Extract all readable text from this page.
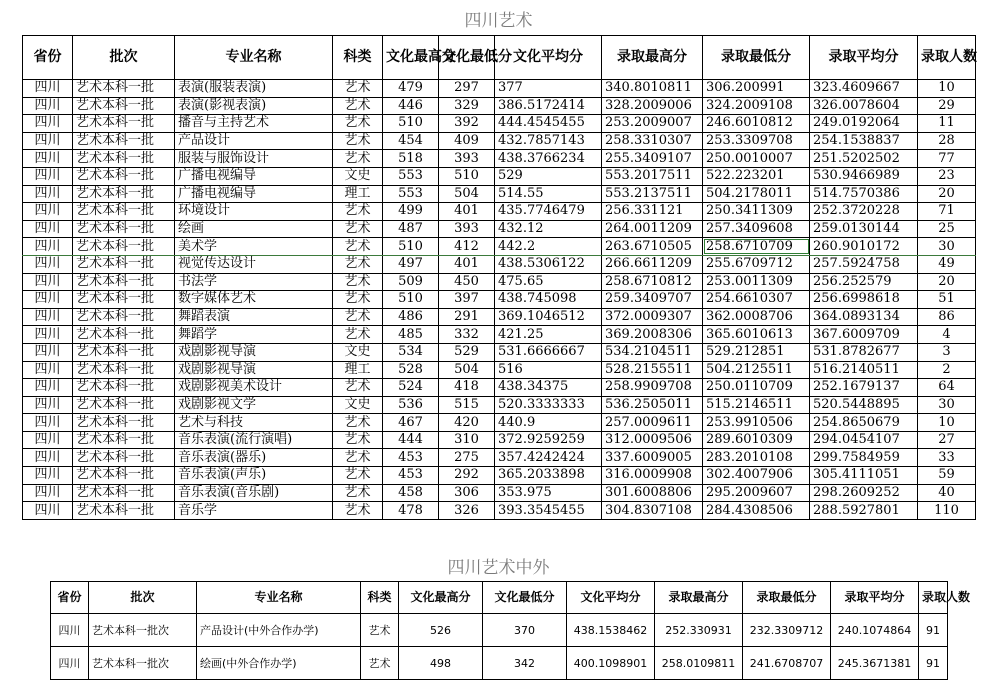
四川艺术
省份	批次	专业名称	科类	文化最高分	文化最低分	文化平均分	录取最高分	录取最低分	录取平均分	录取人数
四川	艺术本科一批	表演(服装表演)	艺术	479	297	377	340.8010811	306.200991	323.4609667	10
四川	艺术本科一批	表演(影视表演)	艺术	446	329	386.5172414	328.2009006	324.2009108	326.0078604	29
四川	艺术本科一批	播音与主持艺术	艺术	510	392	444.4545455	253.2009007	246.6010812	249.0192064	11
四川	艺术本科一批	产品设计	艺术	454	409	432.7857143	258.3310307	253.3309708	254.1538837	28
四川	艺术本科一批	服装与服饰设计	艺术	518	393	438.3766234	255.3409107	250.0010007	251.5202502	77
四川	艺术本科一批	广播电视编导	文史	553	510	529	553.2017511	522.223201	530.9466989	23
四川	艺术本科一批	广播电视编导	理工	553	504	514.55	553.2137511	504.2178011	514.7570386	20
四川	艺术本科一批	环境设计	艺术	499	401	435.7746479	256.331121	250.3411309	252.3720228	71
四川	艺术本科一批	绘画	艺术	487	393	432.12	264.0011209	257.3409608	259.0130144	25
四川	艺术本科一批	美术学	艺术	510	412	442.2	263.6710505	258.6710709	260.9010172	30
四川	艺术本科一批	视觉传达设计	艺术	497	401	438.5306122	266.6611209	255.6709712	257.5924758	49
四川	艺术本科一批	书法学	艺术	509	450	475.65	258.6710812	253.0011309	256.252579	20
四川	艺术本科一批	数字媒体艺术	艺术	510	397	438.745098	259.3409707	254.6610307	256.6998618	51
四川	艺术本科一批	舞蹈表演	艺术	486	291	369.1046512	372.0009307	362.0008706	364.0893134	86
四川	艺术本科一批	舞蹈学	艺术	485	332	421.25	369.2008306	365.6010613	367.6009709	4
四川	艺术本科一批	戏剧影视导演	文史	534	529	531.6666667	534.2104511	529.212851	531.8782677	3
四川	艺术本科一批	戏剧影视导演	理工	528	504	516	528.2155511	504.2125511	516.2140511	2
四川	艺术本科一批	戏剧影视美术设计	艺术	524	418	438.34375	258.9909708	250.0110709	252.1679137	64
四川	艺术本科一批	戏剧影视文学	文史	536	515	520.3333333	536.2505011	515.2146511	520.5448895	30
四川	艺术本科一批	艺术与科技	艺术	467	420	440.9	257.0009611	253.9910506	254.8650679	10
四川	艺术本科一批	音乐表演(流行演唱)	艺术	444	310	372.9259259	312.0009506	289.6010309	294.0454107	27
四川	艺术本科一批	音乐表演(器乐)	艺术	453	275	357.4242424	337.6009005	283.2010108	299.7584959	33
四川	艺术本科一批	音乐表演(声乐)	艺术	453	292	365.2033898	316.0009908	302.4007906	305.4111051	59
四川	艺术本科一批	音乐表演(音乐剧)	艺术	458	306	353.975	301.6008806	295.2009607	298.2609252	40
四川	艺术本科一批	音乐学	艺术	478	326	393.3545455	304.8307108	284.4308506	288.5927801	110
四川艺术中外
省份	批次	专业名称	科类	文化最高分	文化最低分	文化平均分	录取最高分	录取最低分	录取平均分	录取人数
四川	艺术本科一批次	产品设计(中外合作办学)	艺术	526	370	438.1538462	252.330931	232.3309712	240.1074864	91
四川	艺术本科一批次	绘画(中外合作办学)	艺术	498	342	400.1098901	258.0109811	241.6708707	245.3671381	91
